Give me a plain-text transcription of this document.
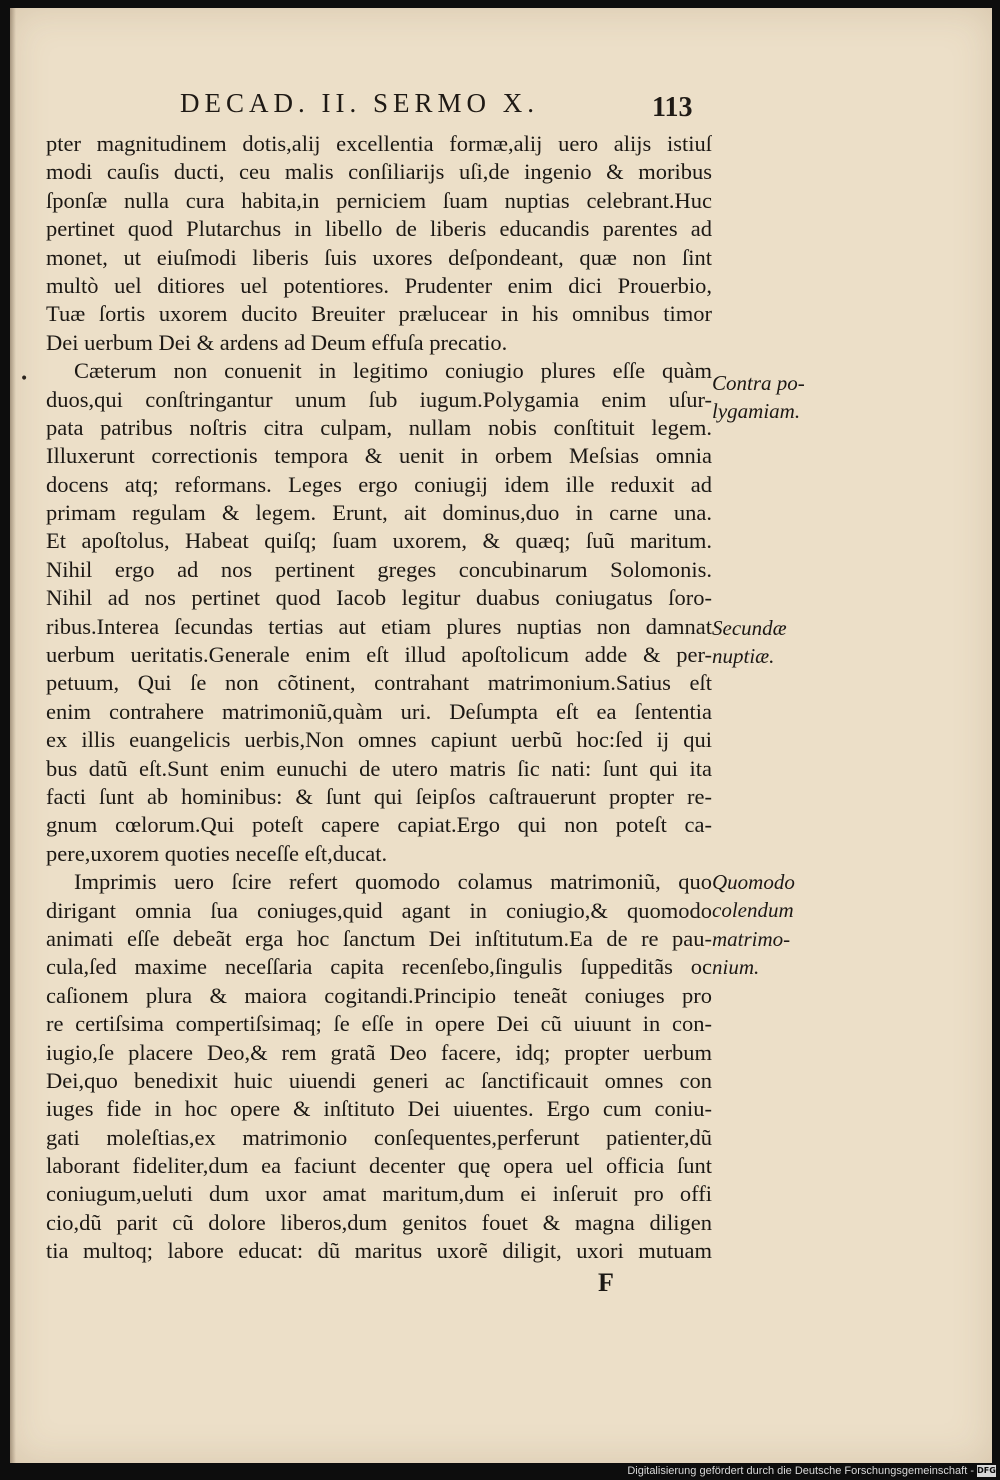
DECAD. II. SERMO X.	113
•
pter magnitudinem dotis,alij excellentia formæ,alij uero alijs istiuſ
modi cauſis ducti, ceu malis conſiliarijs uſi,de ingenio & moribus
ſponſæ nulla cura habita,in perniciem ſuam nuptias celebrant.Huc
pertinet quod Plutarchus in libello de liberis educandis parentes ad
monet, ut eiuſmodi liberis ſuis uxores deſpondeant, quæ non ſint
multò uel ditiores uel potentiores. Prudenter enim dici Prouerbio,
Tuæ ſortis uxorem ducito Breuiter prælucear in his omnibus timor
Dei uerbum Dei & ardens ad Deum effuſa precatio.
Cæterum non conuenit in legitimo coniugio plures eſſe quàm
duos,qui conſtringantur unum ſub iugum.Polygamia enim uſur-
pata patribus noſtris citra culpam, nullam nobis conſtituit legem.
Illuxerunt correctionis tempora & uenit in orbem Meſsias omnia
docens atq; reformans. Leges ergo coniugij idem ille reduxit ad
primam regulam & legem. Erunt, ait dominus,duo in carne una.
Et apoſtolus, Habeat quiſq; ſuam uxorem, & quæq; ſuũ maritum.
Nihil ergo ad nos pertinent greges concubinarum Solomonis.
Nihil ad nos pertinet quod Iacob legitur duabus coniugatus ſoro-
ribus.Interea ſecundas tertias aut etiam plures nuptias non damnat
uerbum ueritatis.Generale enim eſt illud apoſtolicum adde & per-
petuum, Qui ſe non cõtinent, contrahant matrimonium.Satius eſt
enim contrahere matrimoniũ,quàm uri. Deſumpta eſt ea ſententia
ex illis euangelicis uerbis,Non omnes capiunt uerbũ hoc:ſed ij qui
bus datũ eſt.Sunt enim eunuchi de utero matris ſic nati: ſunt qui ita
facti ſunt ab hominibus: & ſunt qui ſeipſos caſtrauerunt propter re-
gnum cœlorum.Qui poteſt capere capiat.Ergo qui non poteſt ca-
pere,uxorem quoties neceſſe eſt,ducat.
Imprimis uero ſcire refert quomodo colamus matrimoniũ, quo
dirigant omnia ſua coniuges,quid agant in coniugio,& quomodo
animati eſſe debeãt erga hoc ſanctum Dei inſtitutum.Ea de re pau-
cula,ſed maxime neceſſaria capita recenſebo,ſingulis ſuppeditãs oc
caſionem plura & maiora cogitandi.Principio teneãt coniuges pro
re certiſsima compertiſsimaq; ſe eſſe in opere Dei cũ uiuunt in con-
iugio,ſe placere Deo,& rem gratã Deo facere, idq; propter uerbum
Dei,quo benedixit huic uiuendi generi ac ſanctificauit omnes con
iuges fide in hoc opere & inſtituto Dei uiuentes. Ergo cum coniu-
gati moleſtias,ex matrimonio conſequentes,perferunt patienter,dũ
laborant fideliter,dum ea faciunt decenter quę opera uel officia ſunt
coniugum,ueluti dum uxor amat maritum,dum ei inſeruit pro offi
cio,dũ parit cũ dolore liberos,dum genitos fouet & magna diligen
tia multoq; labore educat: dũ maritus uxorẽ diligit, uxori mutuam
Contra po-
lygamiam.
Secundæ
nuptiæ.
Quomodo
colendum
matrimo-
nium.
F
Digitalisierung gefördert durch die Deutsche Forschungsgemeinschaft - DFG
